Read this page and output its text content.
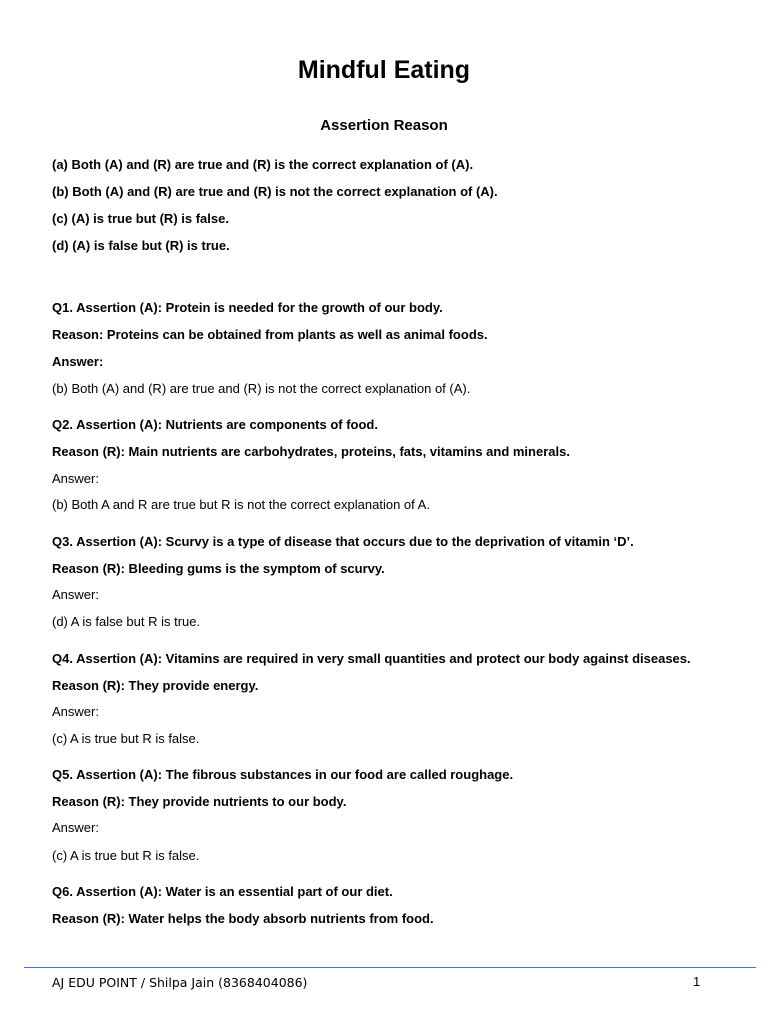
Mindful Eating
Assertion Reason
(a) Both (A) and (R) are true and (R) is the correct explanation of (A).
(b) Both (A) and (R) are true and (R) is not the correct explanation of (A).
(c) (A) is true but (R) is false.
(d) (A) is false but (R) is true.
Q1. Assertion (A): Protein is needed for the growth of our body.
Reason: Proteins can be obtained from plants as well as animal foods.
Answer:
(b) Both (A) and (R) are true and (R) is not the correct explanation of (A).
Q2. Assertion (A): Nutrients are components of food.
Reason (R): Main nutrients are carbohydrates, proteins, fats, vitamins and minerals.
Answer:
(b) Both A and R are true but R is not the correct explanation of A.
Q3. Assertion (A): Scurvy is a type of disease that occurs due to the deprivation of vitamin ‘D’.
Reason (R): Bleeding gums is the symptom of scurvy.
Answer:
(d) A is false but R is true.
Q4. Assertion (A): Vitamins are required in very small quantities and protect our body against diseases.
Reason (R): They provide energy.
Answer:
(c) A is true but R is false.
Q5. Assertion (A): The fibrous substances in our food are called roughage.
Reason (R): They provide nutrients to our body.
Answer:
(c) A is true but R is false.
Q6. Assertion (A): Water is an essential part of our diet.
Reason (R): Water helps the body absorb nutrients from food.
AJ EDU POINT / Shilpa Jain (8368404086)	1
